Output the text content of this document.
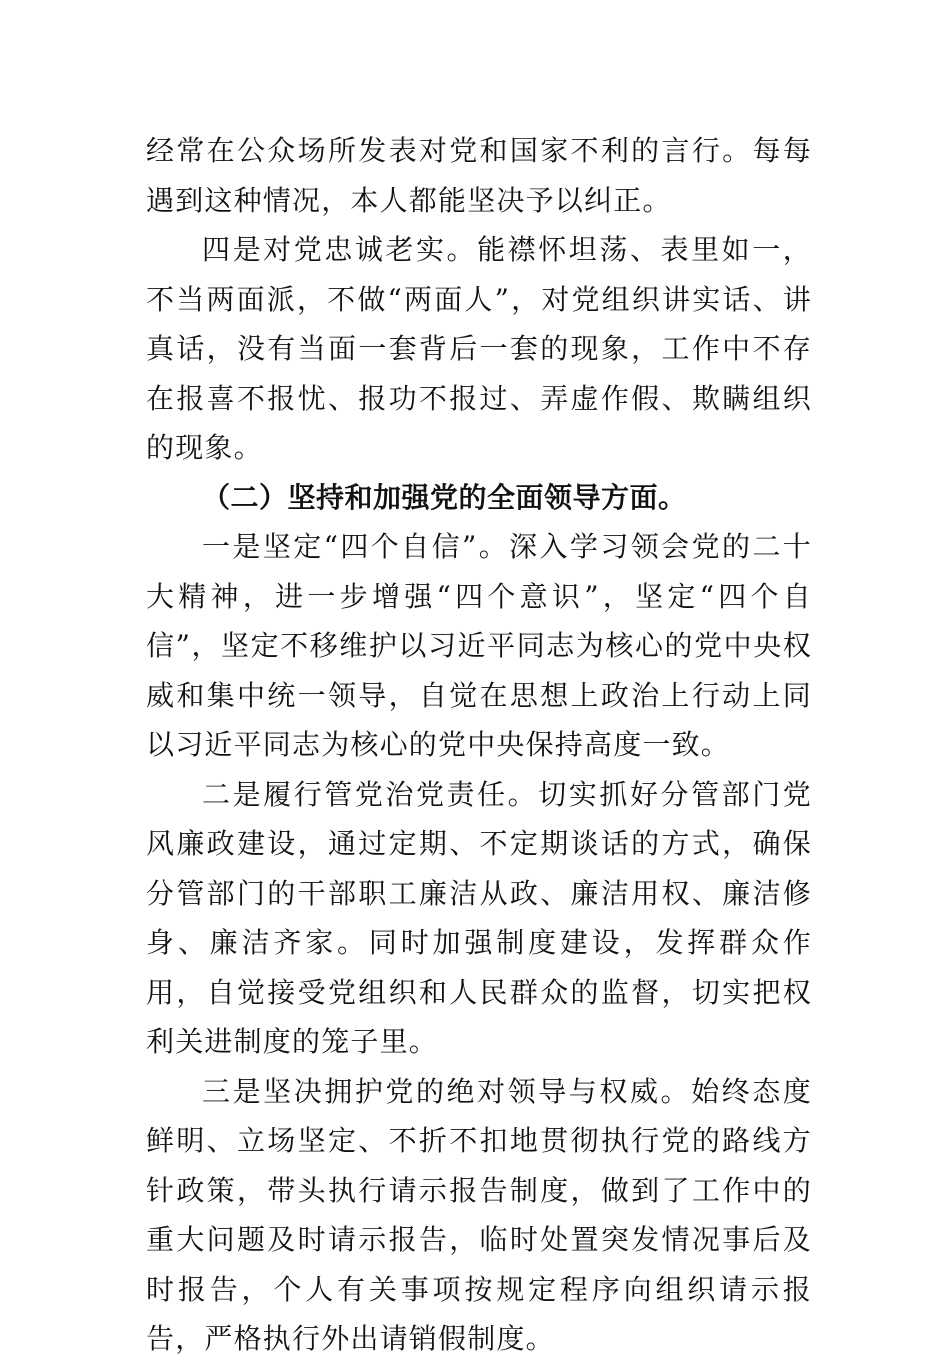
经常在公众场所发表对党和国家不利的言行。每每遇到这种情况，本人都能坚决予以纠正。

四是对党忠诚老实。能襟怀坦荡、表里如一，不当两面派，不做“两面人”，对党组织讲实话、讲真话，没有当面一套背后一套的现象，工作中不存在报喜不报忧、报功不报过、弄虚作假、欺瞒组织的现象。

（二）坚持和加强党的全面领导方面。

一是坚定“四个自信”。深入学习领会党的二十大精神，进一步增强“四个意识”，坚定“四个自信”，坚定不移维护以习近平同志为核心的党中央权威和集中统一领导，自觉在思想上政治上行动上同以习近平同志为核心的党中央保持高度一致。

二是履行管党治党责任。切实抓好分管部门党风廉政建设，通过定期、不定期谈话的方式，确保分管部门的干部职工廉洁从政、廉洁用权、廉洁修身、廉洁齐家。同时加强制度建设，发挥群众作用，自觉接受党组织和人民群众的监督，切实把权利关进制度的笼子里。

三是坚决拥护党的绝对领导与权威。始终态度鲜明、立场坚定、不折不扣地贯彻执行党的路线方针政策，带头执行请示报告制度，做到了工作中的重大问题及时请示报告，临时处置突发情况事后及时报告，个人有关事项按规定程序向组织请示报告，严格执行外出请销假制度。
